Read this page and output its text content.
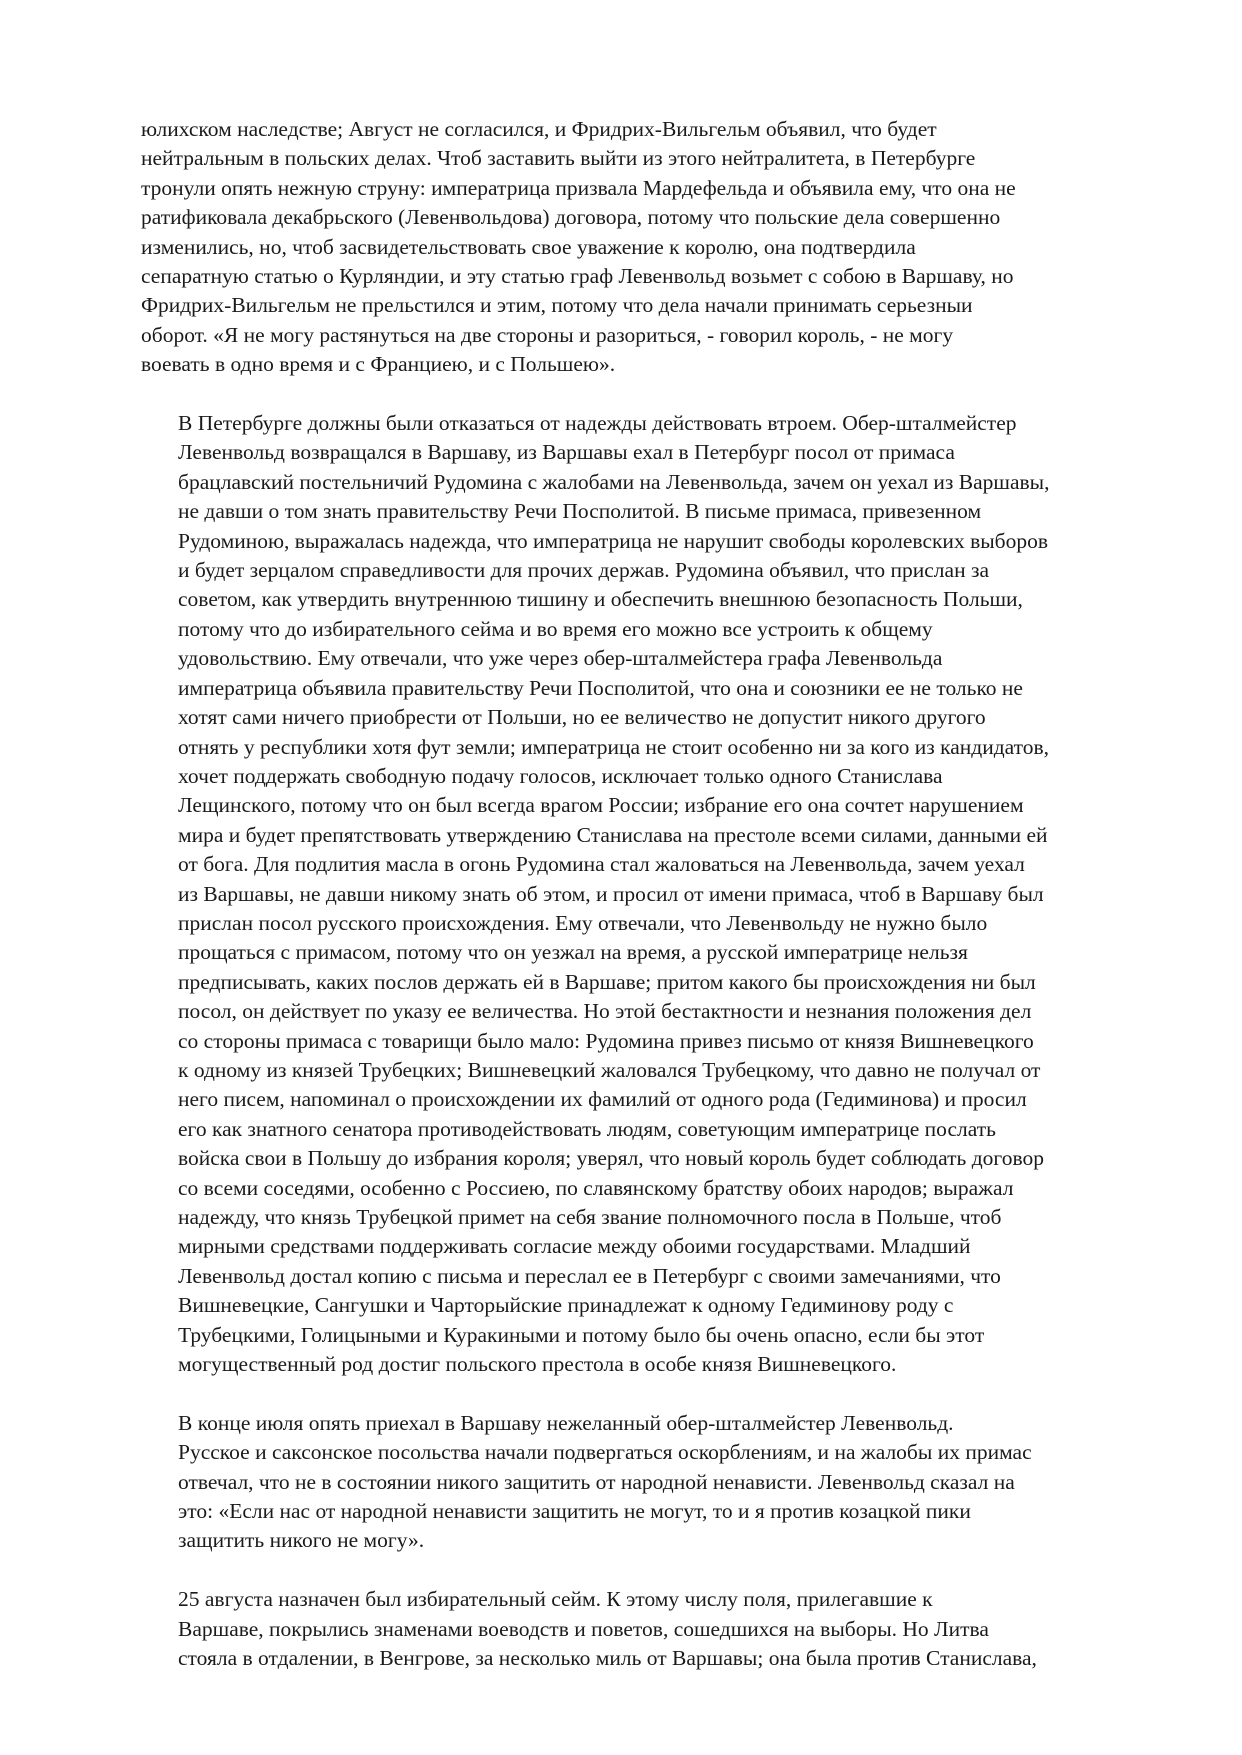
юлихском наследстве; Август не согласился, и Фридрих-Вильгельм объявил, что будет
нейтральным в польских делах. Чтоб заставить выйти из этого нейтралитета, в Петербурге
тронули опять нежную струну: императрица призвала Мардефельда и объявила ему, что она не
ратификовала декабрьского (Левенвольдова) договора, потому что польские дела совершенно
изменились, но, чтоб засвидетельствовать свое уважение к королю, она подтвердила
сепаратную статью о Курляндии, и эту статью граф Левенвольд возьмет с собою в Варшаву, но
Фридрих-Вильгельм не прельстился и этим, потому что дела начали принимать серьезныи
оборот. «Я не могу растянуться на две стороны и разориться, - говорил король, - не могу
воевать в одно время и с Франциею, и с Польшею».

В Петербурге должны были отказаться от надежды действовать втроем. Обер-шталмейстер
Левенвольд возвращался в Варшаву, из Варшавы ехал в Петербург посол от примаса
брацлавский постельничий Рудомина с жалобами на Левенвольда, зачем он уехал из Варшавы,
не давши о том знать правительству Речи Посполитой. В письме примаса, привезенном
Рудоминою, выражалась надежда, что императрица не нарушит свободы королевских выборов
и будет зерцалом справедливости для прочих держав. Рудомина объявил, что прислан за
советом, как утвердить внутреннюю тишину и обеспечить внешнюю безопасность Польши,
потому что до избирательного сейма и во время его можно все устроить к общему
удовольствию. Ему отвечали, что уже через обер-шталмейстера графа Левенвольда
императрица объявила правительству Речи Посполитой, что она и союзники ее не только не
хотят сами ничего приобрести от Польши, но ее величество не допустит никого другого
отнять у республики хотя фут земли; императрица не стоит особенно ни за кого из кандидатов,
хочет поддержать свободную подачу голосов, исключает только одного Станислава
Лещинского, потому что он был всегда врагом России; избрание его она сочтет нарушением
мира и будет препятствовать утверждению Станислава на престоле всеми силами, данными ей
от бога. Для подлития масла в огонь Рудомина стал жаловаться на Левенвольда, зачем уехал
из Варшавы, не давши никому знать об этом, и просил от имени примаса, чтоб в Варшаву был
прислан посол русского происхождения. Ему отвечали, что Левенвольду не нужно было
прощаться с примасом, потому что он уезжал на время, а русской императрице нельзя
предписывать, каких послов держать ей в Варшаве; притом какого бы происхождения ни был
посол, он действует по указу ее величества. Но этой бестактности и незнания положения дел
со стороны примаса с товарищи было мало: Рудомина привез письмо от князя Вишневецкого
к одному из князей Трубецких; Вишневецкий жаловался Трубецкому, что давно не получал от
него писем, напоминал о происхождении их фамилий от одного рода (Гедиминова) и просил
его как знатного сенатора противодействовать людям, советующим императрице послать
войска свои в Польшу до избрания короля; уверял, что новый король будет соблюдать договор
со всеми соседями, особенно с Россиею, по славянскому братству обоих народов; выражал
надежду, что князь Трубецкой примет на себя звание полномочного посла в Польше, чтоб
мирными средствами поддерживать согласие между обоими государствами. Младший
Левенвольд достал копию с письма и переслал ее в Петербург с своими замечаниями, что
Вишневецкие, Сангушки и Чарторыйские принадлежат к одному Гедиминову роду с
Трубецкими, Голицыными и Куракиными и потому было бы очень опасно, если бы этот
могущественный род достиг польского престола в особе князя Вишневецкого.

В конце июля опять приехал в Варшаву нежеланный обер-шталмейстер Левенвольд.
Русское и саксонское посольства начали подвергаться оскорблениям, и на жалобы их примас
отвечал, что не в состоянии никого защитить от народной ненависти. Левенвольд сказал на
это: «Если нас от народной ненависти защитить не могут, то и я против козацкой пики
защитить никого не могу».

25 августа назначен был избирательный сейм. К этому числу поля, прилегавшие к
Варшаве, покрылись знаменами воеводств и поветов, сошедшихся на выборы. Но Литва
стояла в отдалении, в Венгрове, за несколько миль от Варшавы; она была против Станислава,
